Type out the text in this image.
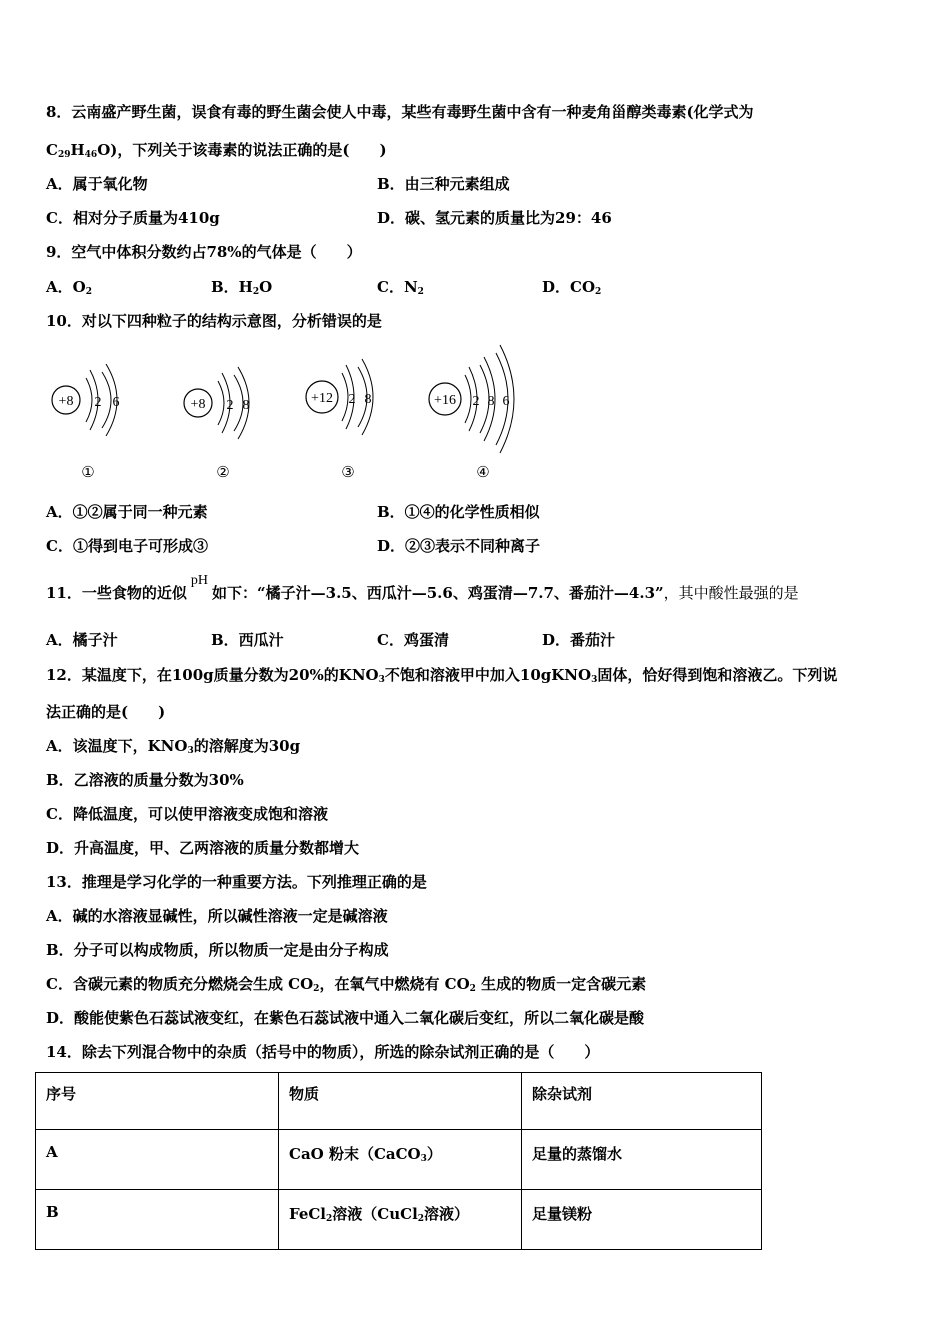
8．云南盛产野生菌，误食有毒的野生菌会使人中毒，某些有毒野生菌中含有一种麦角甾醇类毒素(化学式为
$C_{29}H_{46}O$)，下列关于该毒素的说法正确的是(　　)
A．属于氧化物	B．由三种元素组成
C．相对分子质量为410g	D．碳、氢元素的质量比为29：46
9．空气中体积分数约占78%的气体是（　　）
A．$O_2$	B．$H_2O$	C．$N_2$	D．$CO_2$
10．对以下四种粒子的结构示意图，分析错误的是
+8 2 6
①
+8 2 8
②
+12 2 8
③
+16 2 8 6
④
A．①②属于同一种元素	B．①④的化学性质相似
C．①得到电子可形成③	D．②③表示不同种离子
11．一些食物的近似pH如下：“橘子汁—3.5、西瓜汁—5.6、鸡蛋清—7.7、番茄汁—4.3”，其中酸性最强的是
A．橘子汁	B．西瓜汁	C．鸡蛋清	D．番茄汁
12．某温度下，在100g质量分数为20%的$KNO_3$不饱和溶液甲中加入10gKNO$_3$固体，恰好得到饱和溶液乙。下列说
法正确的是(　　)
A．该温度下，$KNO_3$的溶解度为30g
B．乙溶液的质量分数为30%
C．降低温度，可以使甲溶液变成饱和溶液
D．升高温度，甲、乙两溶液的质量分数都增大
13．推理是学习化学的一种重要方法。下列推理正确的是
A．碱的水溶液显碱性，所以碱性溶液一定是碱溶液
B．分子可以构成物质，所以物质一定是由分子构成
C．含碳元素的物质充分燃烧会生成 $CO_2$，在氧气中燃烧有 $CO_2$ 生成的物质一定含碳元素
D．酸能使紫色石蕊试液变红，在紫色石蕊试液中通入二氧化碳后变红，所以二氧化碳是酸
14．除去下列混合物中的杂质（括号中的物质），所选的除杂试剂正确的是（　　）
序号	物质	除杂试剂
A	CaO 粉末（CaCO$_3$）	足量的蒸馏水
B	FeCl$_2$溶液（CuCl$_2$溶液）	足量镁粉
